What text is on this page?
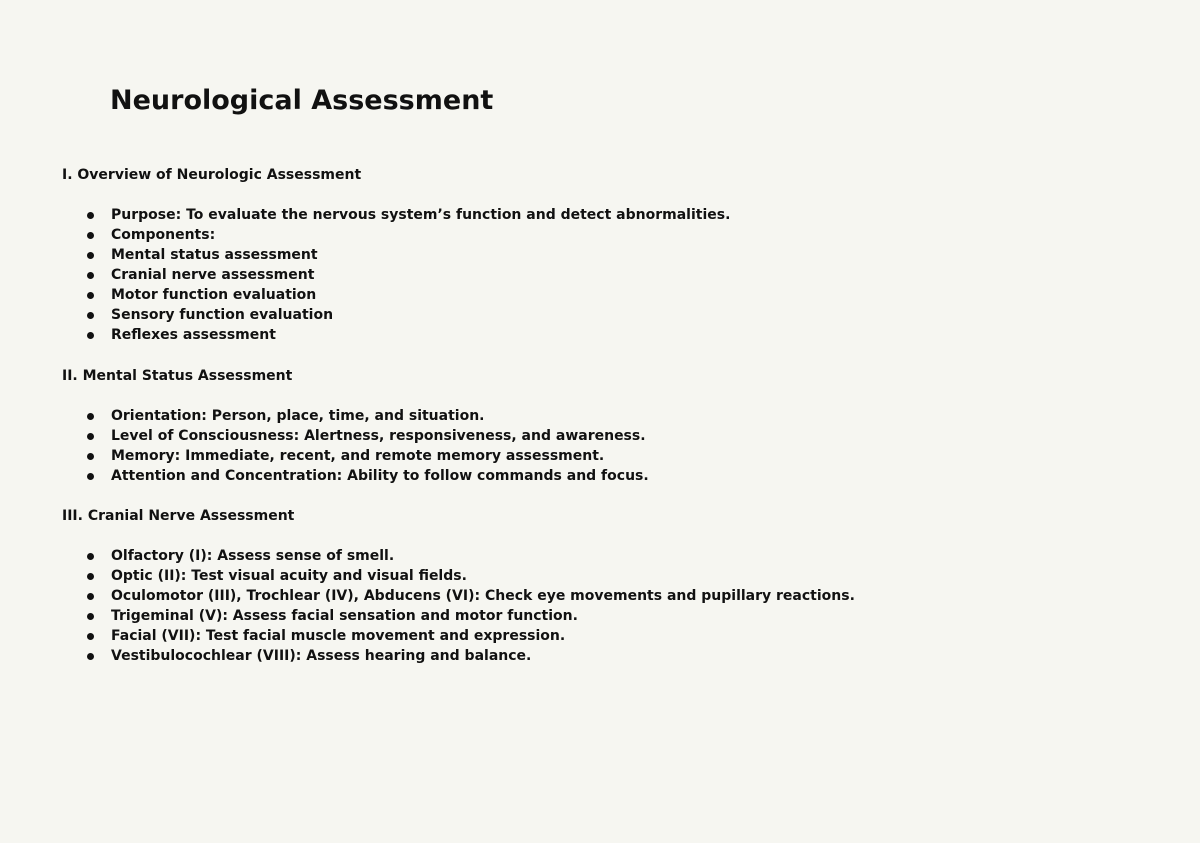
Neurological Assessment
I. Overview of Neurologic Assessment
Purpose: To evaluate the nervous system’s function and detect abnormalities.
Components:
Mental status assessment
Cranial nerve assessment
Motor function evaluation
Sensory function evaluation
Reflexes assessment
II. Mental Status Assessment
Orientation: Person, place, time, and situation.
Level of Consciousness: Alertness, responsiveness, and awareness.
Memory: Immediate, recent, and remote memory assessment.
Attention and Concentration: Ability to follow commands and focus.
III. Cranial Nerve Assessment
Olfactory (I): Assess sense of smell.
Optic (II): Test visual acuity and visual fields.
Oculomotor (III), Trochlear (IV), Abducens (VI): Check eye movements and pupillary reactions.
Trigeminal (V): Assess facial sensation and motor function.
Facial (VII): Test facial muscle movement and expression.
Vestibulocochlear (VIII): Assess hearing and balance.
